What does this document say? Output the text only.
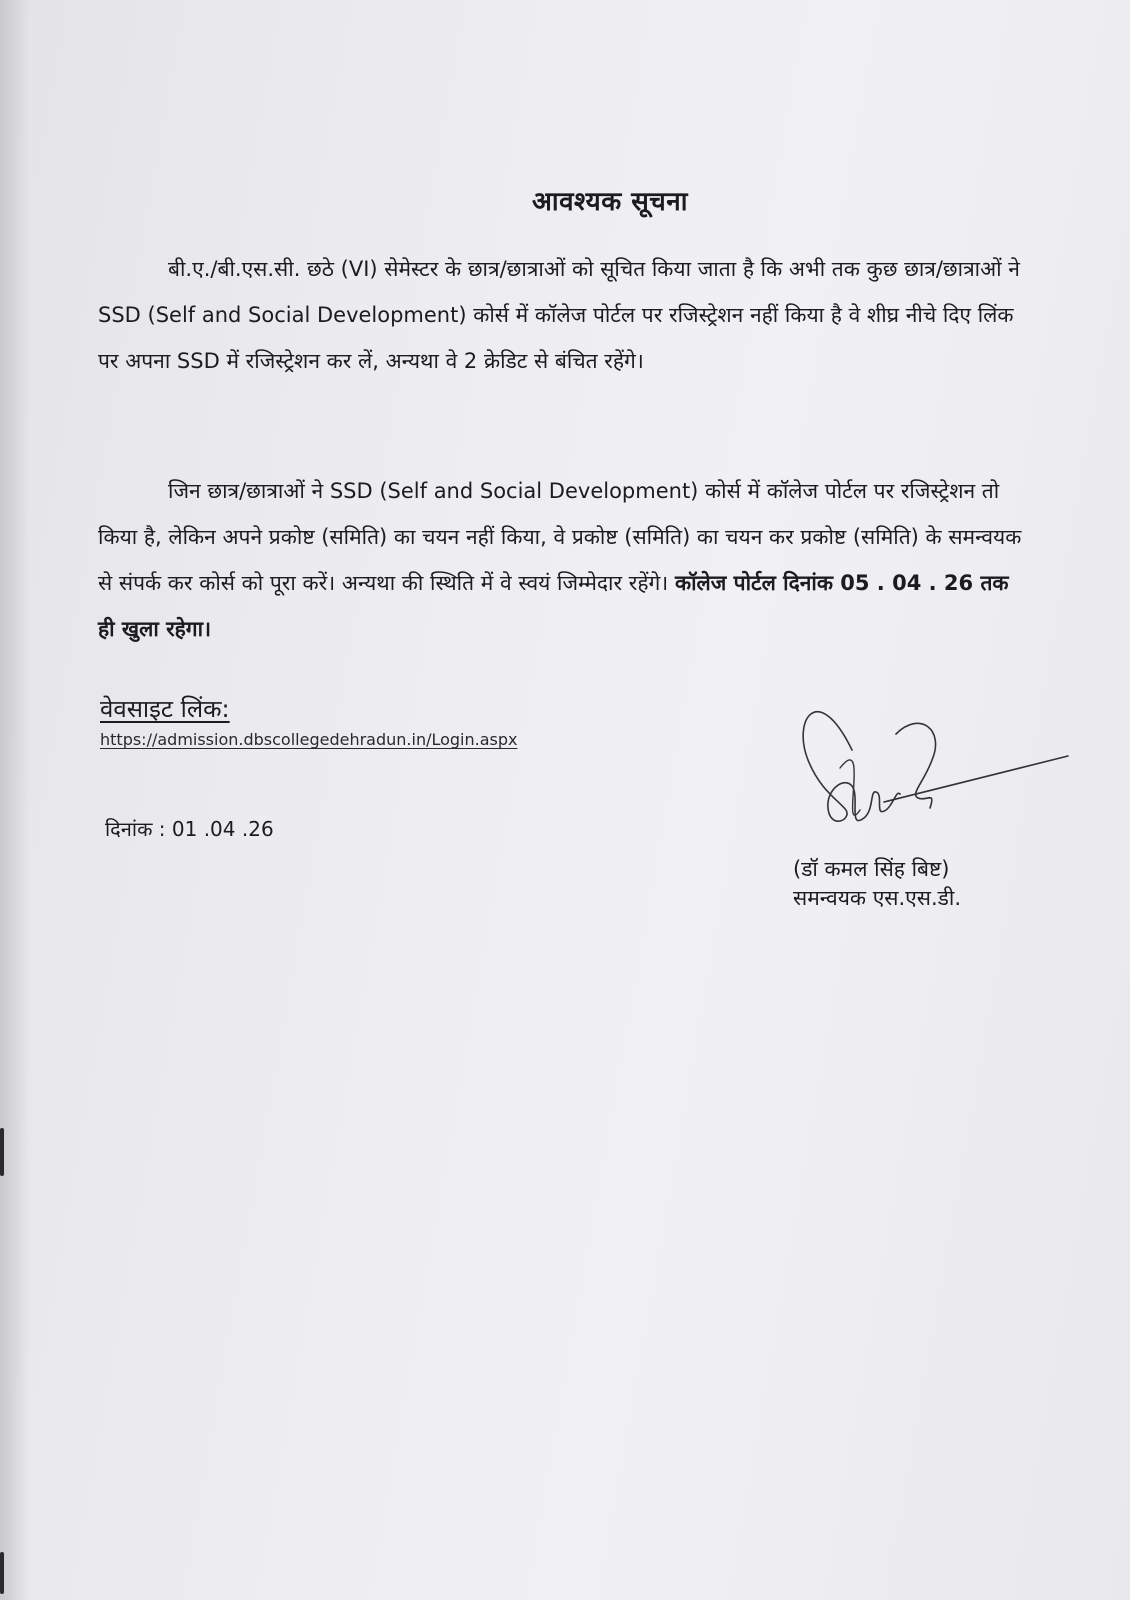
आवश्यक सूचना

बी.ए./बी.एस.सी. छठे (VI) सेमेस्टर के छात्र/छात्राओं को सूचित किया जाता है कि अभी तक कुछ छात्र/छात्राओं ने SSD (Self and Social Development) कोर्स में कॉलेज पोर्टल पर रजिस्ट्रेशन नहीं किया है वे शीघ्र नीचे दिए लिंक पर अपना SSD में रजिस्ट्रेशन कर लें, अन्यथा वे 2 क्रेडिट से बंचित रहेंगे।

जिन छात्र/छात्राओं ने SSD (Self and Social Development) कोर्स में कॉलेज पोर्टल पर रजिस्ट्रेशन तो किया है, लेकिन अपने प्रकोष्ट (समिति) का चयन नहीं किया, वे प्रकोष्ट (समिति) का चयन कर प्रकोष्ट (समिति) के समन्वयक से संपर्क कर कोर्स को पूरा करें। अन्यथा की स्थिति में वे स्वयं जिम्मेदार रहेंगे। कॉलेज पोर्टल दिनांक 05 . 04 . 26 तक ही खुला रहेगा।

वेवसाइट लिंक:
https://admission.dbscollegedehradun.in/Login.aspx
दिनांक : 01 .04 .26
(डॉ कमल सिंह बिष्ट)
समन्वयक एस.एस.डी.
